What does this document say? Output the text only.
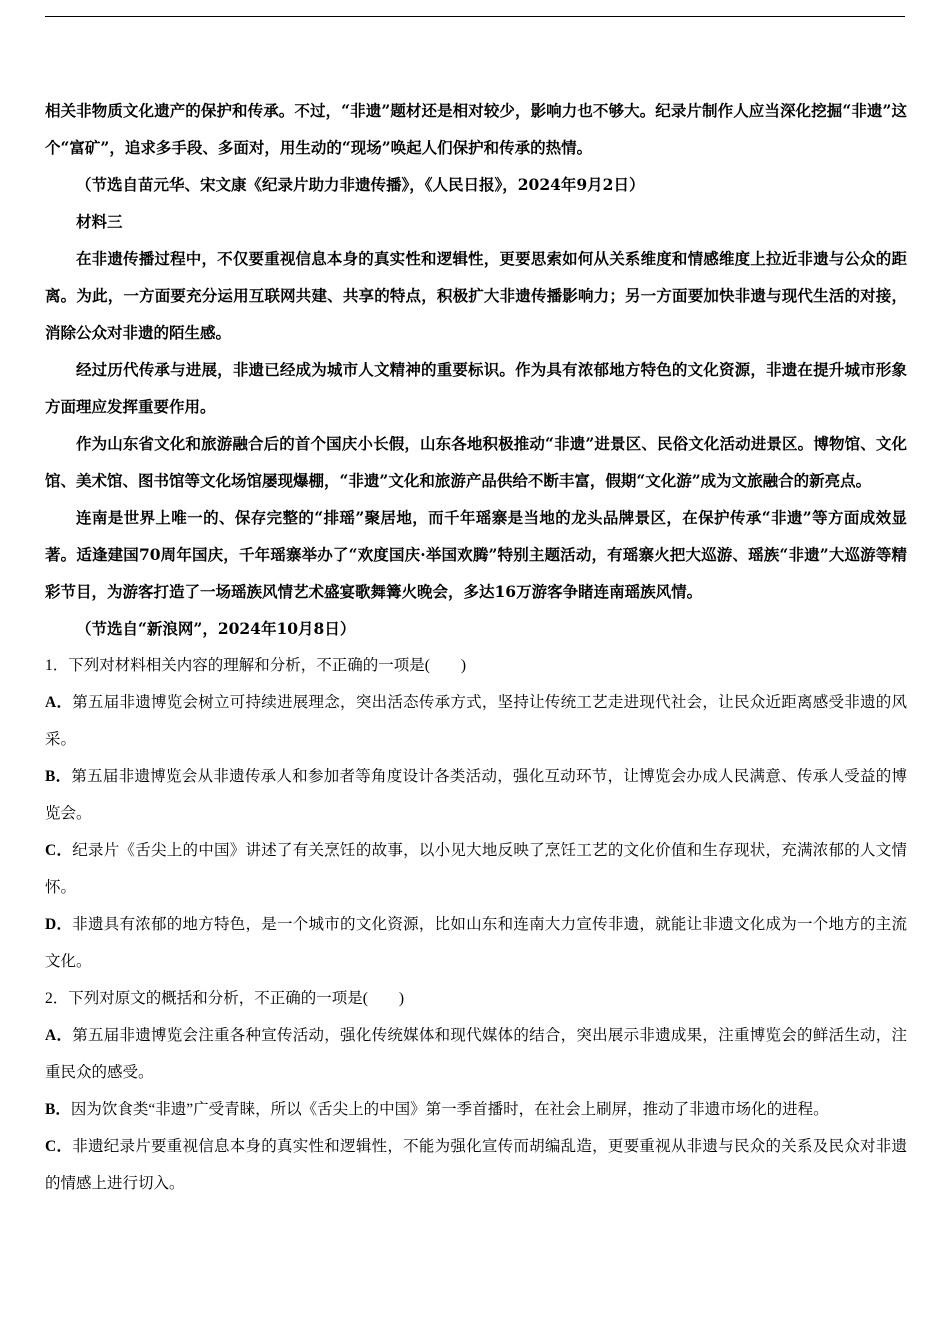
相关非物质文化遗产的保护和传承。不过，“非遗”题材还是相对较少，影响力也不够大。纪录片制作人应当深化挖掘“非遗”这个“富矿”，追求多手段、多面对，用生动的“现场”唤起人们保护和传承的热情。

（节选自苗元华、宋文康《纪录片助力非遗传播》，《人民日报》，2024年9月2日）

材料三

在非遗传播过程中，不仅要重视信息本身的真实性和逻辑性，更要思索如何从关系维度和情感维度上拉近非遗与公众的距离。为此，一方面要充分运用互联网共建、共享的特点，积极扩大非遗传播影响力；另一方面要加快非遗与现代生活的对接，消除公众对非遗的陌生感。

经过历代传承与进展，非遗已经成为城市人文精神的重要标识。作为具有浓郁地方特色的文化资源，非遗在提升城市形象方面理应发挥重要作用。

作为山东省文化和旅游融合后的首个国庆小长假，山东各地积极推动“非遗”进景区、民俗文化活动进景区。博物馆、文化馆、美术馆、图书馆等文化场馆屡现爆棚，“非遗”文化和旅游产品供给不断丰富，假期“文化游”成为文旅融合的新亮点。

连南是世界上唯一的、保存完整的“排瑶”聚居地，而千年瑶寨是当地的龙头品牌景区，在保护传承“非遗”等方面成效显著。适逢建国70周年国庆，千年瑶寨举办了“欢度国庆·举国欢腾”特别主题活动，有瑶寨火把大巡游、瑶族“非遗”大巡游等精彩节目，为游客打造了一场瑶族风情艺术盛宴歌舞篝火晚会，多达16万游客争睹连南瑶族风情。

（节选自“新浪网”，2024年10月8日）

1．下列对材料相关内容的理解和分析，不正确的一项是(　　)

A．第五届非遗博览会树立可持续进展理念，突出活态传承方式，坚持让传统工艺走进现代社会，让民众近距离感受非遗的风采。

B．第五届非遗博览会从非遗传承人和参加者等角度设计各类活动，强化互动环节，让博览会办成人民满意、传承人受益的博览会。

C．纪录片《舌尖上的中国》讲述了有关烹饪的故事，以小见大地反映了烹饪工艺的文化价值和生存现状，充满浓郁的人文情怀。

D．非遗具有浓郁的地方特色，是一个城市的文化资源，比如山东和连南大力宣传非遗，就能让非遗文化成为一个地方的主流文化。

2．下列对原文的概括和分析，不正确的一项是(　　)

A．第五届非遗博览会注重各种宣传活动，强化传统媒体和现代媒体的结合，突出展示非遗成果，注重博览会的鲜活生动，注重民众的感受。

B．因为饮食类“非遗”广受青睐，所以《舌尖上的中国》第一季首播时，在社会上刷屏，推动了非遗市场化的进程。

C．非遗纪录片要重视信息本身的真实性和逻辑性，不能为强化宣传而胡编乱造，更要重视从非遗与民众的关系及民众对非遗的情感上进行切入。
